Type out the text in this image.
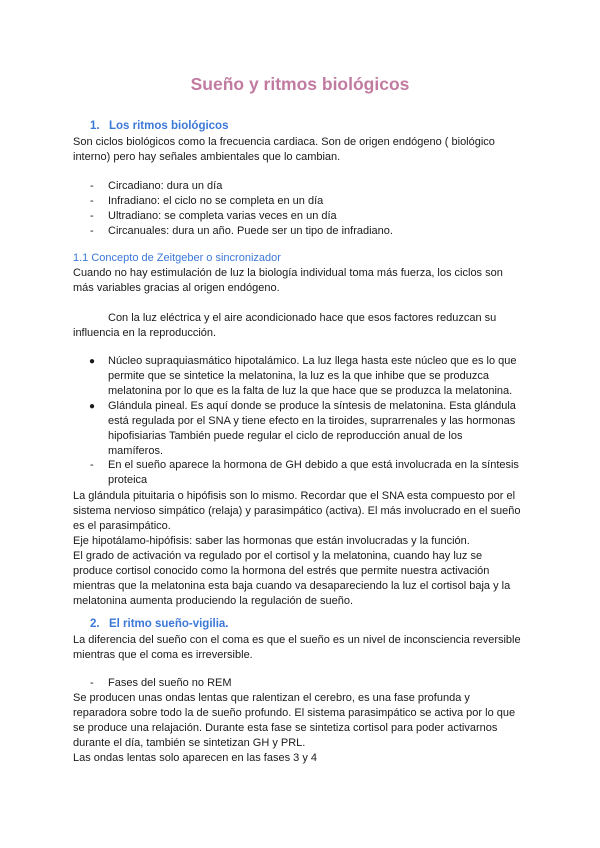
Sueño y ritmos biológicos
1. Los ritmos biológicos
Son ciclos biológicos como la frecuencia cardiaca. Son de origen endógeno ( biológico
interno) pero hay señales ambientales que lo cambian.
- Circadiano: dura un día
- Infradiano: el ciclo no se completa en un día
- Ultradiano: se completa varias veces en un día
- Circanuales: dura un año. Puede ser un tipo de infradiano.
1.1 Concepto de Zeitgeber o sincronizador
Cuando no hay estimulación de luz la biología individual toma más fuerza, los ciclos son
más variables gracias al origen endógeno.
Con la luz eléctrica y el aire acondicionado hace que esos factores reduzcan su
influencia en la reproducción.
● Núcleo supraquiasmático hipotalámico. La luz llega hasta este núcleo que es lo que
permite que se sintetice la melatonina, la luz es la que inhibe que se produzca
melatonina por lo que es la falta de luz la que hace que se produzca la melatonina.
● Glándula pineal. Es aquí donde se produce la síntesis de melatonina. Esta glándula
está regulada por el SNA y tiene efecto en la tiroides, suprarrenales y las hormonas
hipofisiarias También puede regular el ciclo de reproducción anual de los
mamíferos.
- En el sueño aparece la hormona de GH debido a que está involucrada en la síntesis
proteica
La glándula pituitaria o hipófisis son lo mismo. Recordar que el SNA esta compuesto por el
sistema nervioso simpático (relaja) y parasimpático (activa). El más involucrado en el sueño
es el parasimpático.
Eje hipotálamo-hipófisis: saber las hormonas que están involucradas y la función.
El grado de activación va regulado por el cortisol y la melatonina, cuando hay luz se
produce cortisol conocido como la hormona del estrés que permite nuestra activación
mientras que la melatonina esta baja cuando va desapareciendo la luz el cortisol baja y la
melatonina aumenta produciendo la regulación de sueño.
2. El ritmo sueño-vigilia.
La diferencia del sueño con el coma es que el sueño es un nivel de inconsciencia reversible
mientras que el coma es irreversible.
- Fases del sueño no REM
Se producen unas ondas lentas que ralentizan el cerebro, es una fase profunda y
reparadora sobre todo la de sueño profundo. El sistema parasimpático se activa por lo que
se produce una relajación. Durante esta fase se sintetiza cortisol para poder activarnos
durante el día, también se sintetizan GH y PRL.
Las ondas lentas solo aparecen en las fases 3 y 4
